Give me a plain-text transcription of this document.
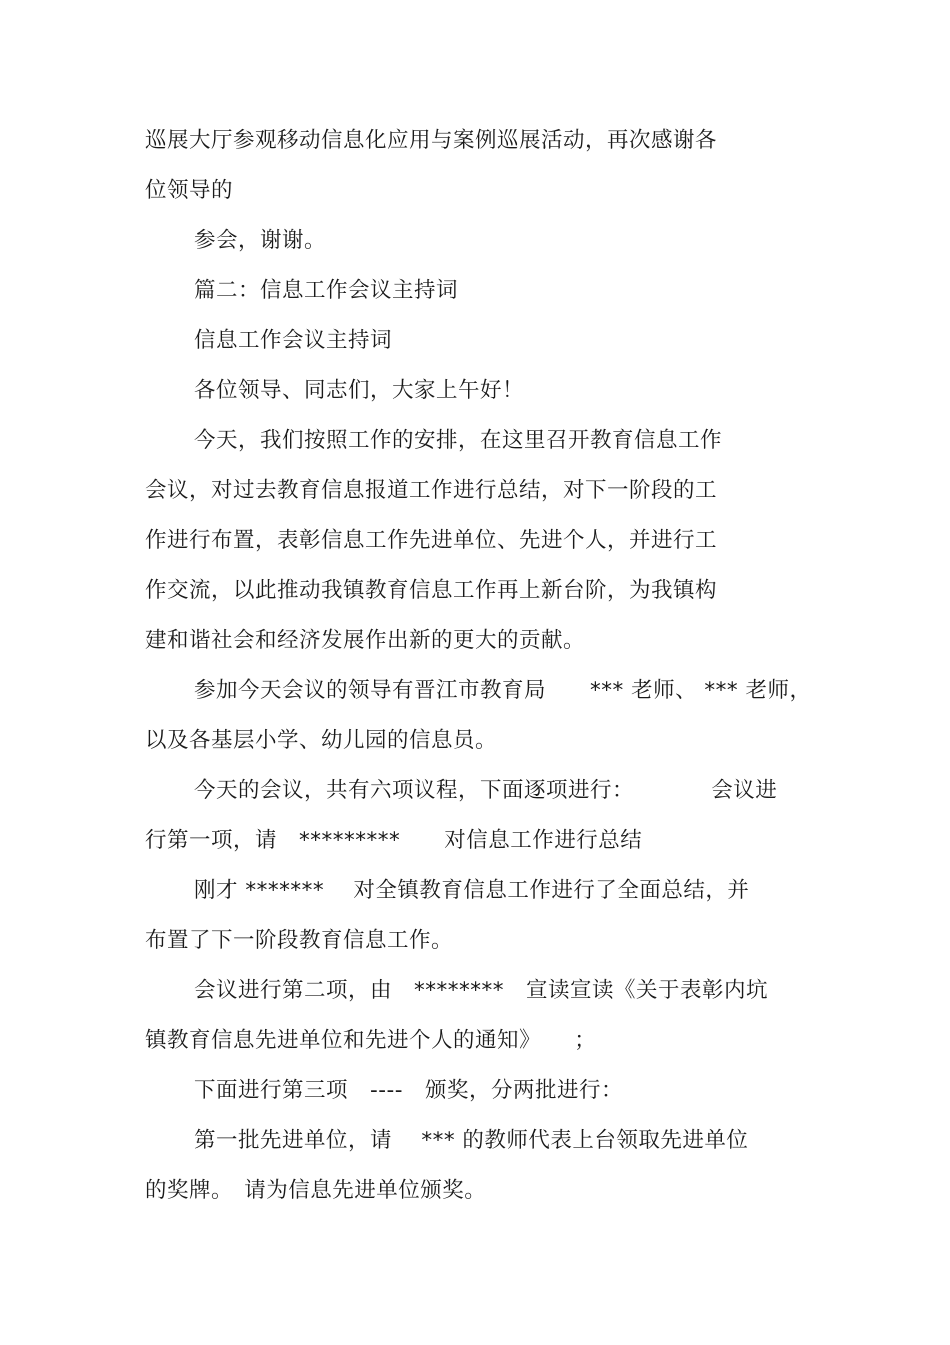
巡展大厅参观移动信息化应用与案例巡展活动，再次感谢各
位领导的
参会，谢谢。
篇二：信息工作会议主持词
信息工作会议主持词
各位领导、同志们，大家上午好！
今天，我们按照工作的安排，在这里召开教育信息工作
会议，对过去教育信息报道工作进行总结，对下一阶段的工
作进行布置，表彰信息工作先进单位、先进个人，并进行工
作交流，以此推动我镇教育信息工作再上新台阶，为我镇构
建和谐社会和经济发展作出新的更大的贡献。
参加今天会议的领导有晋江市教育局　　*** 老师、 *** 老师，
以及各基层小学、幼儿园的信息员。
今天的会议，共有六项议程，下面逐项进行：　　　　会议进
行第一项，请　*********　　对信息工作进行总结
刚才 *******　 对全镇教育信息工作进行了全面总结，并
布置了下一阶段教育信息工作。
会议进行第二项，由　********　宣读宣读《关于表彰内坑
镇教育信息先进单位和先进个人的通知》　　；
下面进行第三项　----　颁奖，分两批进行：
第一批先进单位，请　 *** 的教师代表上台领取先进单位
的奖牌。　请为信息先进单位颁奖。
